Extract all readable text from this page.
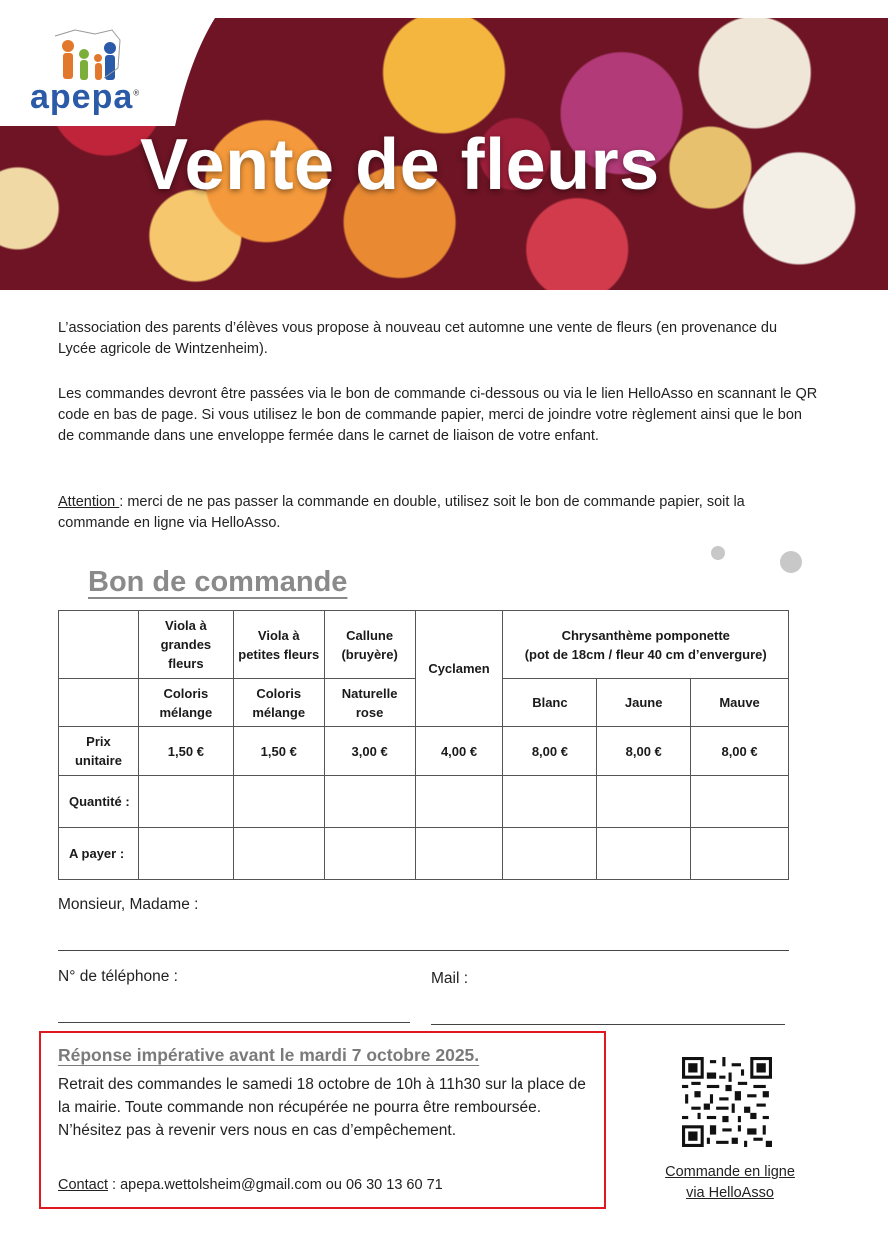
Vente de fleurs
apepa®
L’association des parents d’élèves vous propose à nouveau cet automne une vente de fleurs (en provenance du Lycée agricole de Wintzenheim).
Les commandes devront être passées via le bon de commande ci-dessous ou via le lien HelloAsso en scannant le QR code en bas de page. Si vous utilisez le bon de commande papier, merci de joindre votre règlement ainsi que le bon de commande dans une enveloppe fermée dans le carnet de liaison de votre enfant.
Attention : merci de ne pas passer la commande en double, utilisez soit le bon de commande papier, soit la commande en ligne via HelloAsso.
Bon de commande
	Viola à grandes fleurs	Viola à petites fleurs	Callune (bruyère)	Cyclamen	Chrysanthème pomponette
(pot de 18cm / fleur 40 cm d’envergure)		

	Coloris mélange	Coloris mélange	Naturelle rose		Blanc	Jaune	Mauve
Prix unitaire	1,50 €	1,50 €	3,00 €	4,00 €	8,00 €	8,00 €	8,00 €
Quantité :							
A payer :							
Monsieur, Madame :
N° de téléphone :	Mail :
Réponse impérative avant le mardi 7 octobre 2025.
Retrait des commandes le samedi 18 octobre de 10h à 11h30 sur la place de la mairie. Toute commande non récupérée ne pourra être remboursée. N’hésitez pas à revenir vers nous en cas d’empêchement.
Contact : apepa.wettolsheim@gmail.com ou 06 30 13 60 71
Commande en ligne
via HelloAsso
